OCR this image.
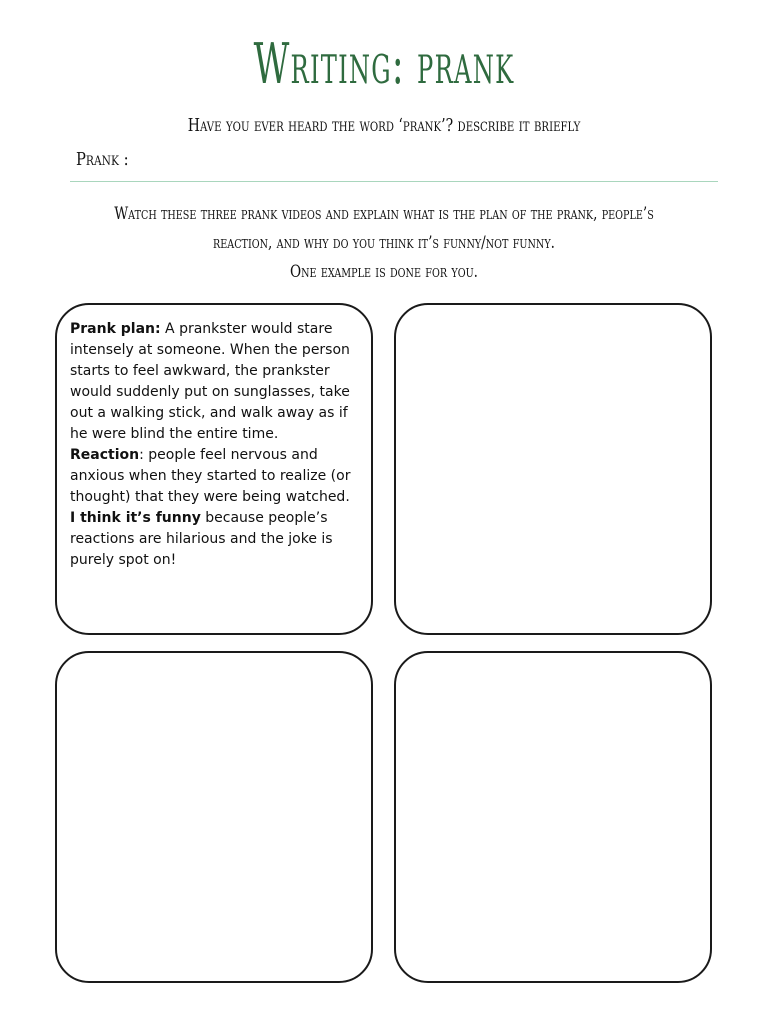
Writing: prank
Have you ever heard the word ‘prank’? describe it briefly
Prank :
Watch these three prank videos and explain what is the plan of the prank, people’s
reaction, and why do you think it’s funny/not funny.
One example is done for you.

Prank plan: A prankster would stare intensely at someone. When the person starts to feel awkward, the prankster would suddenly put on sunglasses, take out a walking stick, and walk away as if he were blind the entire time.
Reaction: people feel nervous and anxious when they started to realize (or thought) that they were being watched.
I think it’s funny because people’s reactions are hilarious and the joke is purely spot on!
